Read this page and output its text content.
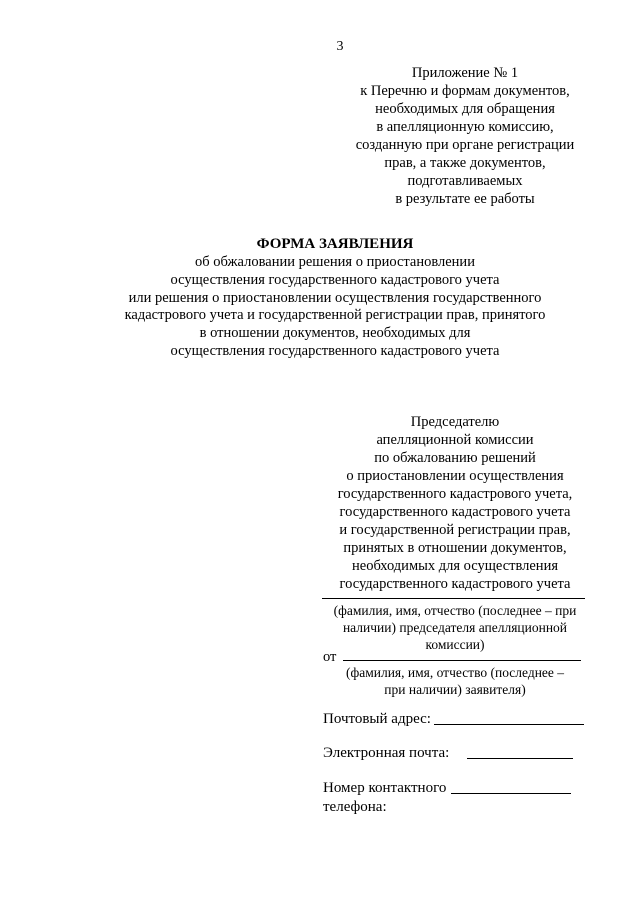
3
Приложение № 1
к Перечню и формам документов,
необходимых для обращения
в апелляционную комиссию,
созданную при органе регистрации
прав, а также документов,
подготавливаемых
в результате ее работы
ФОРМА ЗАЯВЛЕНИЯ
об обжаловании решения о приостановлении
осуществления государственного кадастрового учета
или решения о приостановлении осуществления государственного
кадастрового учета и государственной регистрации прав, принятого
в отношении документов, необходимых для
осуществления государственного кадастрового учета
Председателю
апелляционной комиссии
по обжалованию решений
о приостановлении осуществления
государственного кадастрового учета,
государственного кадастрового учета
и государственной регистрации прав,
принятых в отношении документов,
необходимых для осуществления
государственного кадастрового учета
(фамилия, имя, отчество (последнее – при
наличии) председателя апелляционной
комиссии)
от
(фамилия, имя, отчество (последнее –
при наличии) заявителя)
Почтовый адрес:
Электронная почта:
Номер контактного
телефона:
